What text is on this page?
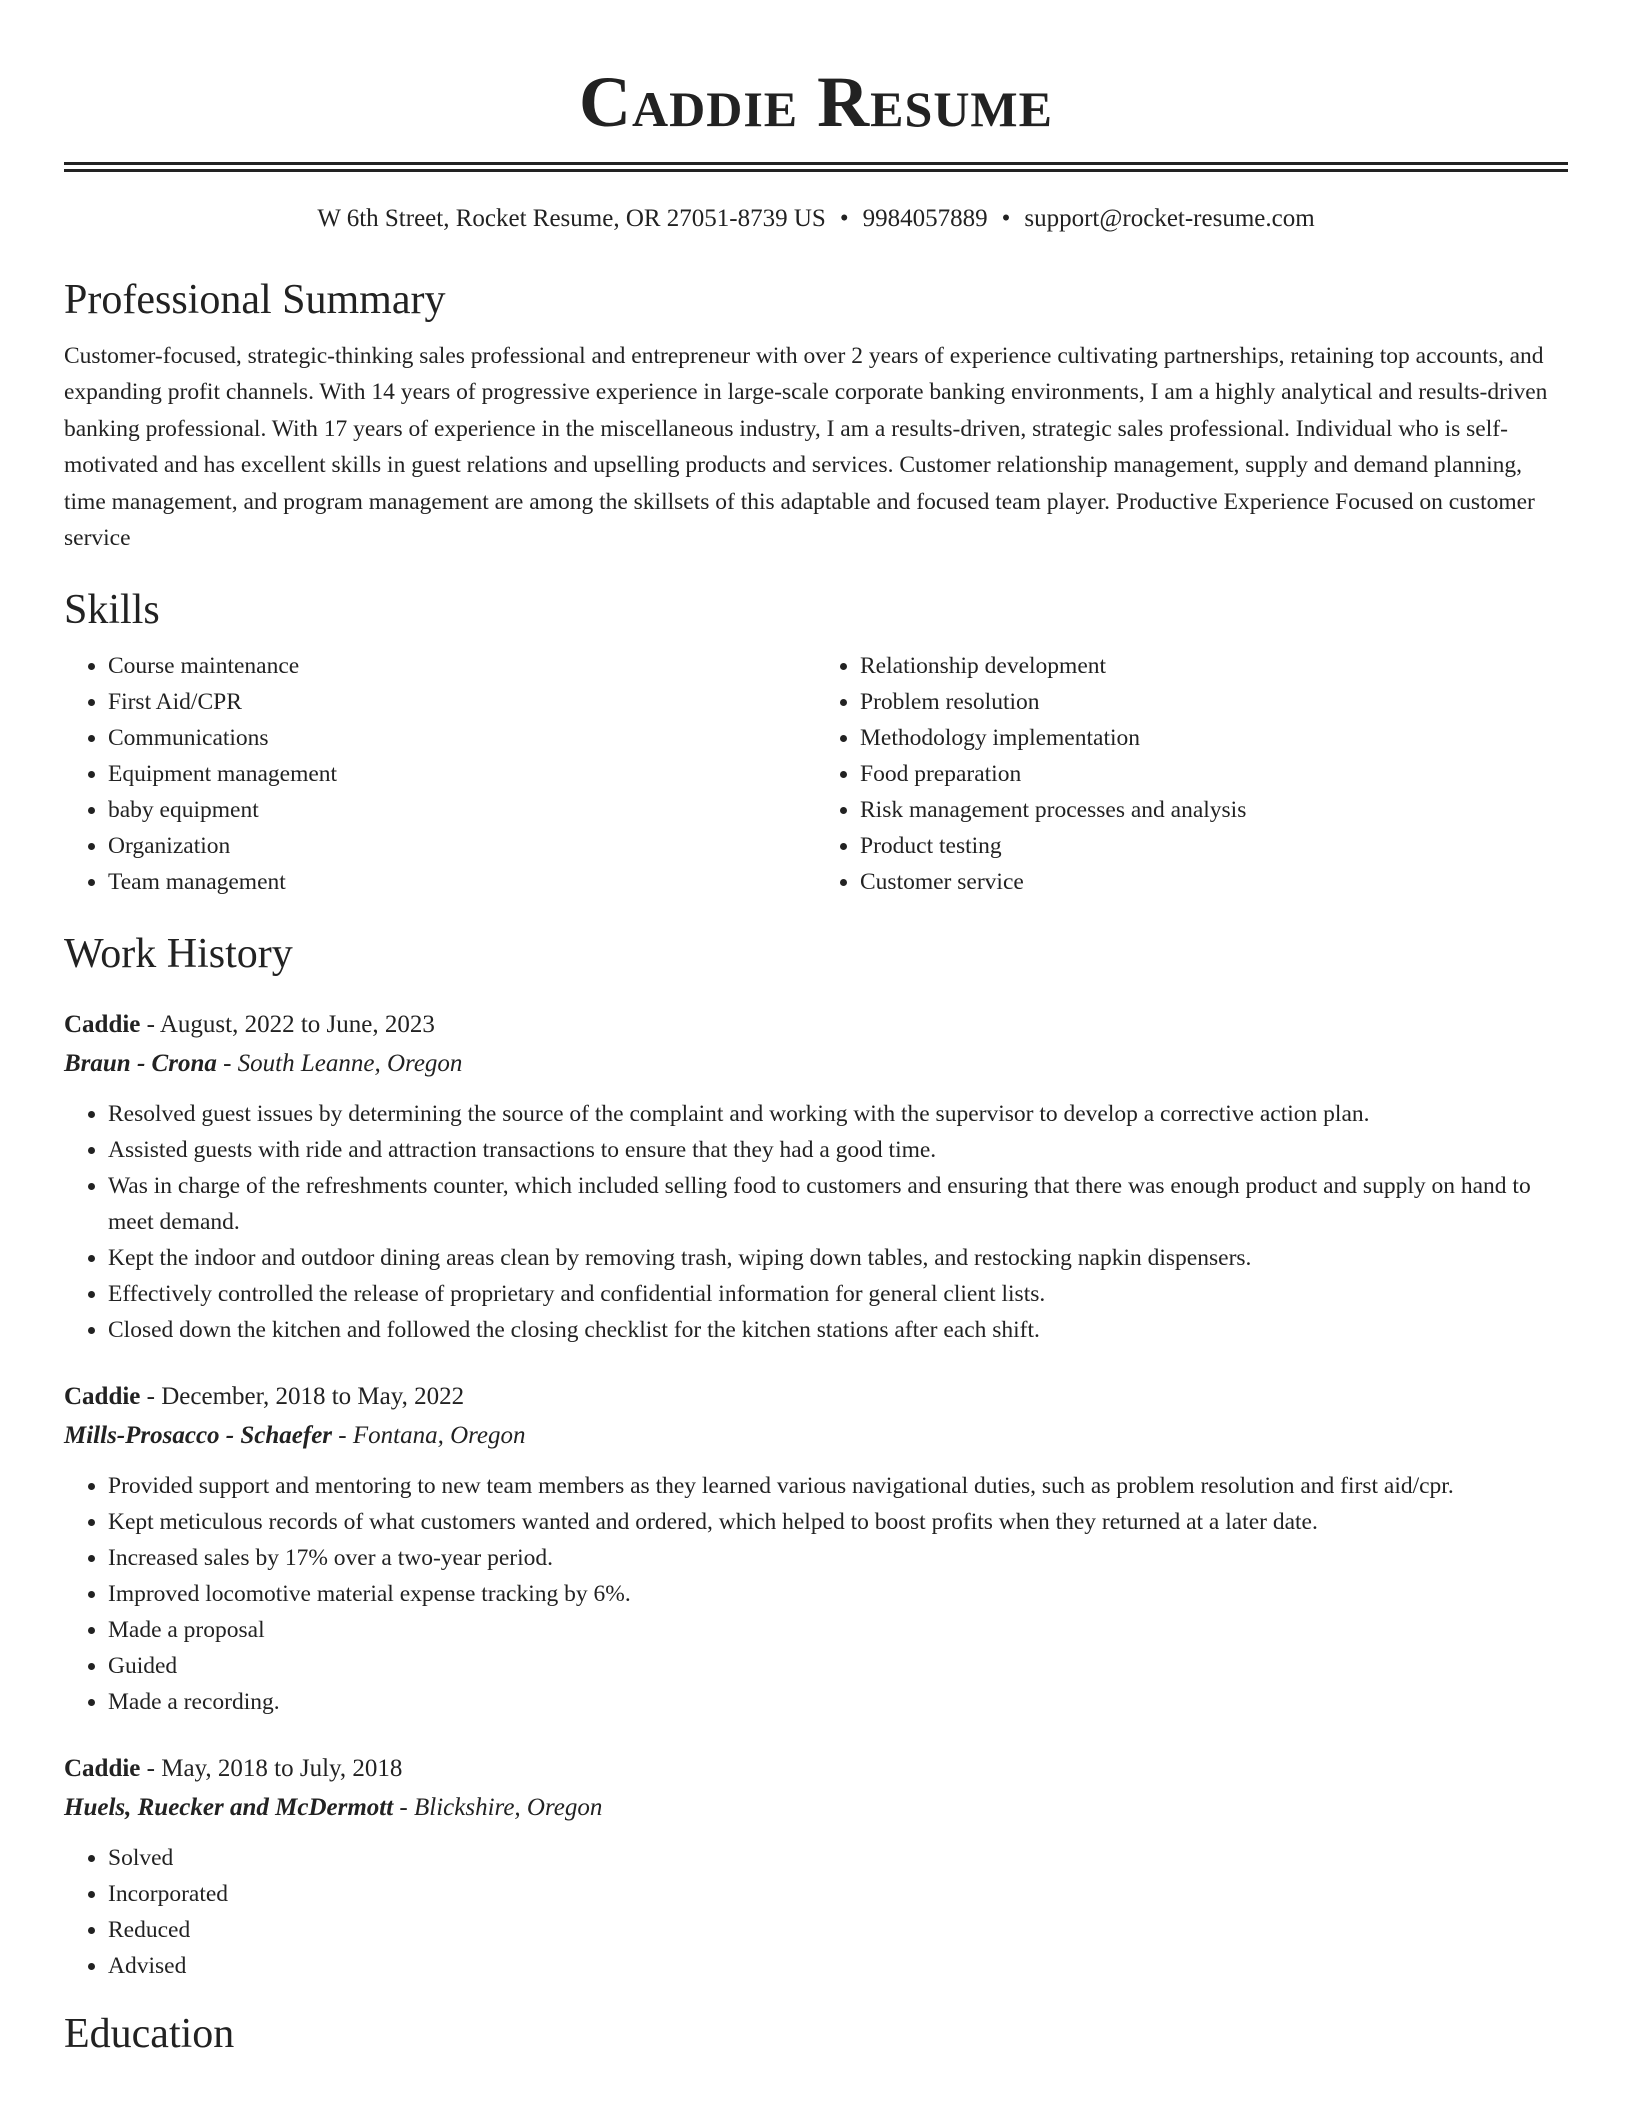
Caddie Resume
W 6th Street, Rocket Resume, OR 27051-8739 US • 9984057889 • support@rocket-resume.com
Professional Summary

Customer-focused, strategic-thinking sales professional and entrepreneur with over 2 years of experience cultivating partnerships, retaining top accounts, and expanding profit channels. With 14 years of progressive experience in large-scale corporate banking environments, I am a highly analytical and results-driven banking professional. With 17 years of experience in the miscellaneous industry, I am a results-driven, strategic sales professional. Individual who is self-motivated and has excellent skills in guest relations and upselling products and services. Customer relationship management, supply and demand planning, time management, and program management are among the skillsets of this adaptable and focused team player. Productive Experience Focused on customer service

Skills
• Course maintenance
• First Aid/CPR
• Communications
• Equipment management
• baby equipment
• Organization
• Team management
• Relationship development
• Problem resolution
• Methodology implementation
• Food preparation
• Risk management processes and analysis
• Product testing
• Customer service
Work History
Caddie - August, 2022 to June, 2023
Braun - Crona - South Leanne, Oregon
• Resolved guest issues by determining the source of the complaint and working with the supervisor to develop a corrective action plan.
• Assisted guests with ride and attraction transactions to ensure that they had a good time.
• Was in charge of the refreshments counter, which included selling food to customers and ensuring that there was enough product and supply on hand to meet demand.
• Kept the indoor and outdoor dining areas clean by removing trash, wiping down tables, and restocking napkin dispensers.
• Effectively controlled the release of proprietary and confidential information for general client lists.
• Closed down the kitchen and followed the closing checklist for the kitchen stations after each shift.
Caddie - December, 2018 to May, 2022
Mills-Prosacco - Schaefer - Fontana, Oregon
• Provided support and mentoring to new team members as they learned various navigational duties, such as problem resolution and first aid/cpr.
• Kept meticulous records of what customers wanted and ordered, which helped to boost profits when they returned at a later date.
• Increased sales by 17% over a two-year period.
• Improved locomotive material expense tracking by 6%.
• Made a proposal
• Guided
• Made a recording.
Caddie - May, 2018 to July, 2018
Huels, Ruecker and McDermott - Blickshire, Oregon
• Solved
• Incorporated
• Reduced
• Advised
Education
